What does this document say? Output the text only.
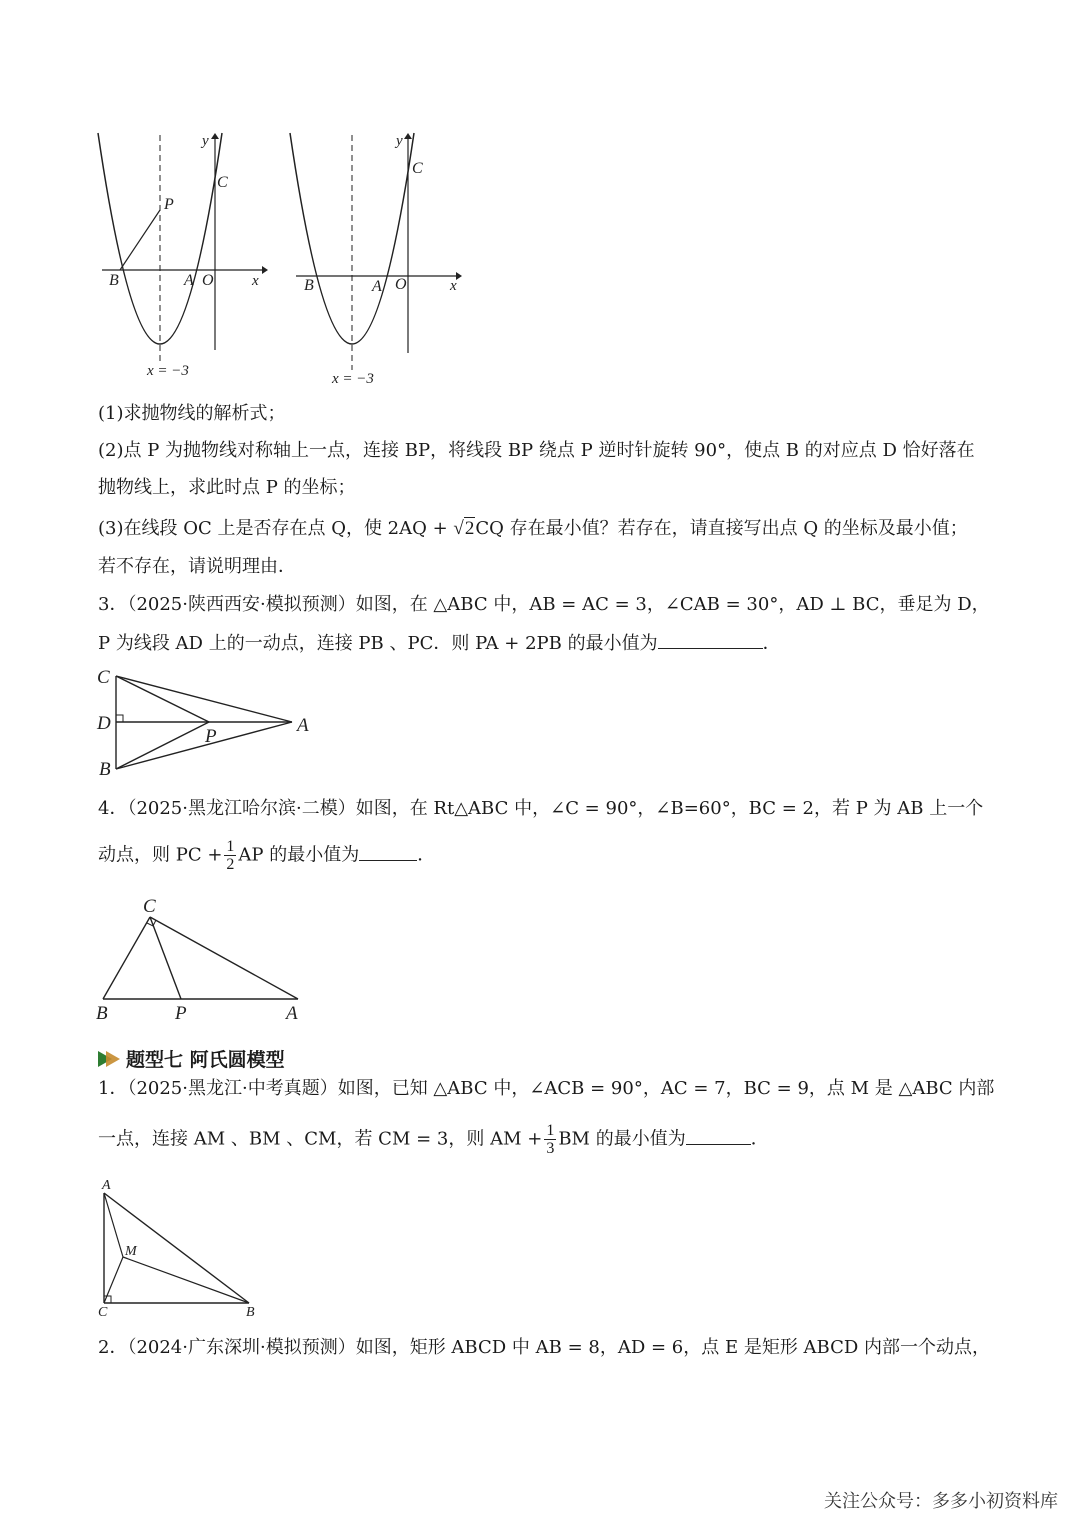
y
x
P
C
B	A O
x = −3
y
x
C
B	A O
x = −3
(1)求抛物线的解析式；
(2)点 P 为抛物线对称轴上一点，连接 BP，将线段 BP 绕点 P 逆时针旋转 90°，使点 B 的对应点 D 恰好落在
抛物线上，求此时点 P 的坐标；
(3)在线段 OC 上是否存在点 Q，使 2AQ + √2CQ 存在最小值？若存在，请直接写出点 Q 的坐标及最小值；
若不存在，请说明理由．
3．（2025·陕西西安·模拟预测）如图，在 △ABC 中，AB = AC = 3，∠CAB = 30°，AD ⊥ BC，垂足为 D，
P 为线段 AD 上的一动点，连接 PB 、PC．则 PA + 2PB 的最小值为	．
C
D
P
A
B
4．（2025·黑龙江哈尔滨·二模）如图，在 Rt△ABC 中，∠C = 90°，∠B=60°，BC = 2，若 P 为 AB 上一个
动点，则 PC + $\frac{1}{2}$ AP 的最小值为	．
C
B	P	A
题型七 阿氏圆模型
1．（2025·黑龙江·中考真题）如图，已知 △ABC 中，∠ACB = 90°，AC = 7，BC = 9，点 M 是 △ABC 内部
一点，连接 AM 、BM 、CM，若 CM = 3，则 AM + $\frac{1}{3}$ BM 的最小值为	．
A
M
C	B
2．（2024·广东深圳·模拟预测）如图，矩形 ABCD 中 AB = 8，AD = 6，点 E 是矩形 ABCD 内部一个动点，
关注公众号：多多小初资料库
